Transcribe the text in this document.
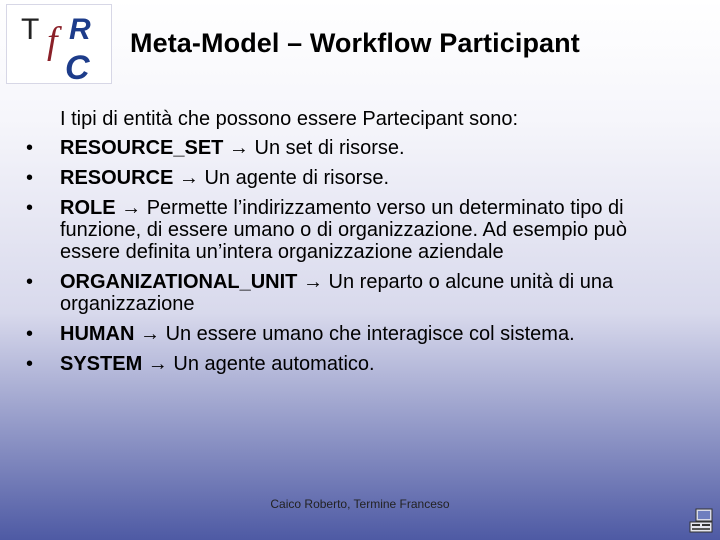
T f R
C
Meta-Model – Workflow Participant
I tipi di entità che possono essere Partecipant sono:
• RESOURCE_SET → Un set di risorse.
• RESOURCE → Un agente di risorse.
• ROLE → Permette l’indirizzamento verso un determinato tipo di funzione, di essere umano o di organizzazione. Ad esempio può essere definita un’intera organizzazione aziendale
• ORGANIZATIONAL_UNIT → Un reparto o alcune unità di una organizzazione
• HUMAN → Un essere umano che interagisce col sistema.
• SYSTEM → Un agente automatico.
Caico Roberto, Termine Franceso
